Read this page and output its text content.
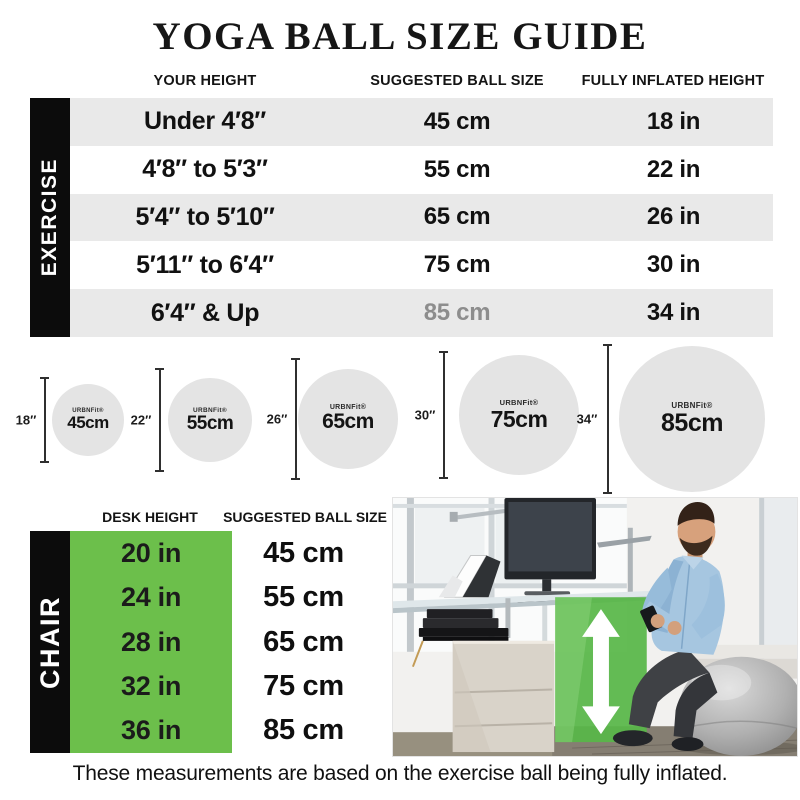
YOGA BALL SIZE GUIDE
YOUR HEIGHT	SUGGESTED BALL SIZE	FULLY INFLATED HEIGHT
EXERCISE
Under 4′8″	45 cm	18 in
4′8″ to 5′3″	55 cm	22 in
5′4″ to 5′10″	65 cm	26 in
5′11″ to 6′4″	75 cm	30 in
6′4″ & Up	85 cm	34 in
18″
URBNFit®
45cm 22″
URBNFit®
55cm	26″
URBNFit®
65cm	30″
URBNFit®
75cm 34″
URBNFit®
85cm
DESK HEIGHT SUGGESTED BALL SIZE
CHAIR
20 in	45 cm
24 in	55 cm
28 in	65 cm
32 in	75 cm
36 in	85 cm
These measurements are based on the exercise ball being fully inflated.
